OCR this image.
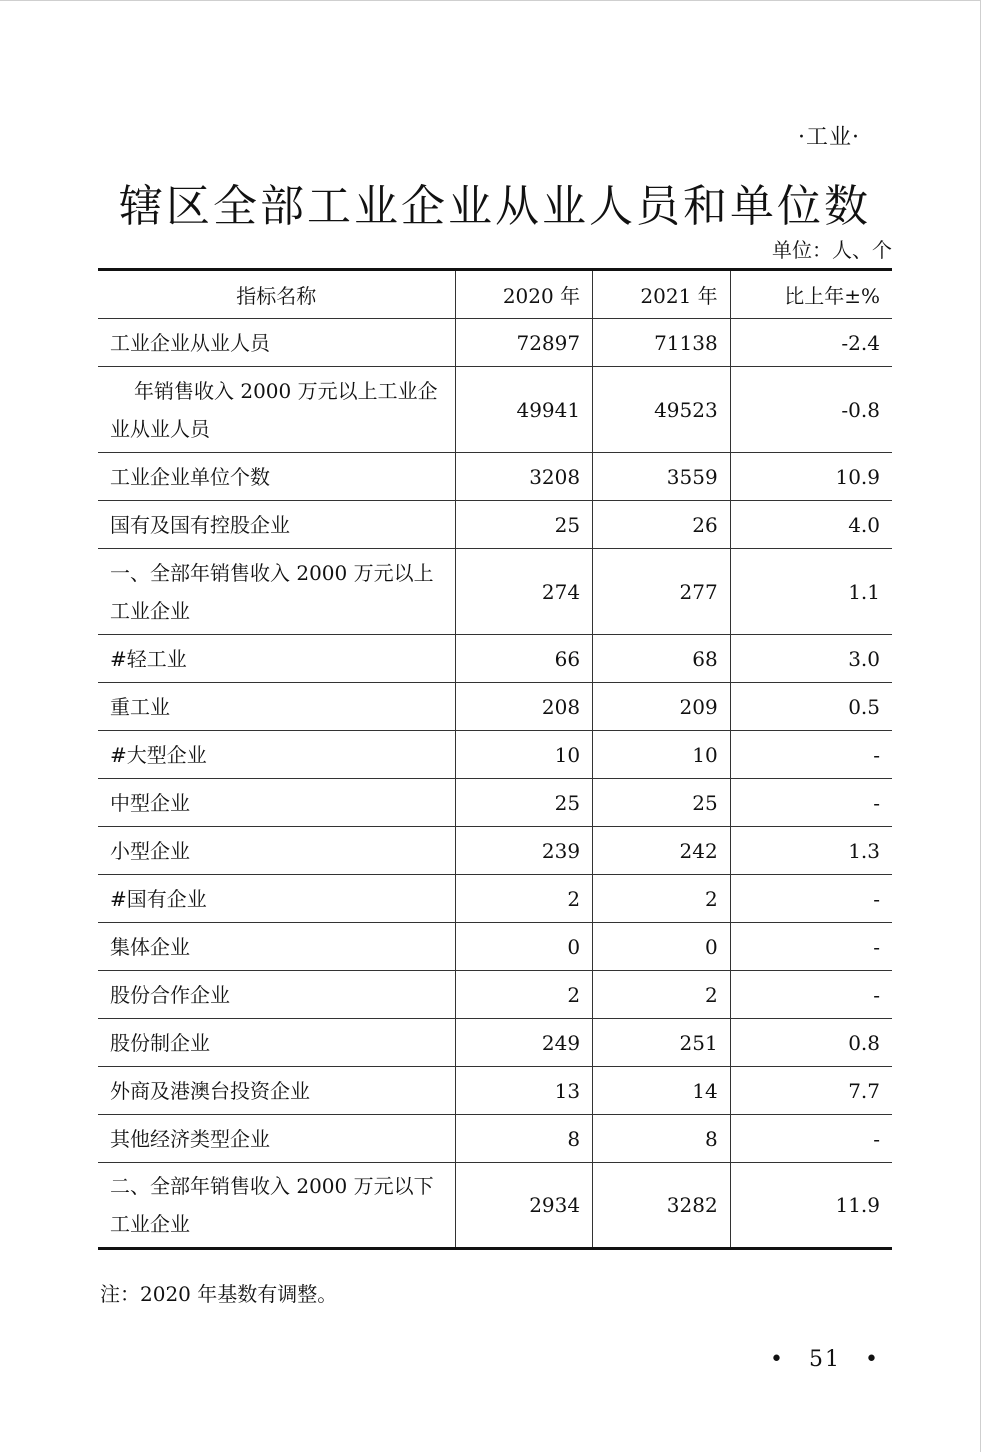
·工业·
辖区全部工业企业从业人员和单位数
单位：人、个
指标名称	2020 年	2021 年	比上年±%
工业企业从业人员	72897	71138	-2.4
年销售收入 2000 万元以上工业企业从业人员	49941	49523	-0.8
工业企业单位个数	3208	3559	10.9
国有及国有控股企业	25	26	4.0
一、全部年销售收入 2000 万元以上工业企业	274	277	1.1
#轻工业	66	68	3.0
重工业	208	209	0.5
#大型企业	10	10	-
中型企业	25	25	-
小型企业	239	242	1.3
#国有企业	2	2	-
集体企业	0	0	-
股份合作企业	2	2	-
股份制企业	249	251	0.8
外商及港澳台投资企业	13	14	7.7
其他经济类型企业	8	8	-
二、全部年销售收入 2000 万元以下工业企业	2934	3282	11.9
注：2020 年基数有调整。
•　51　•
